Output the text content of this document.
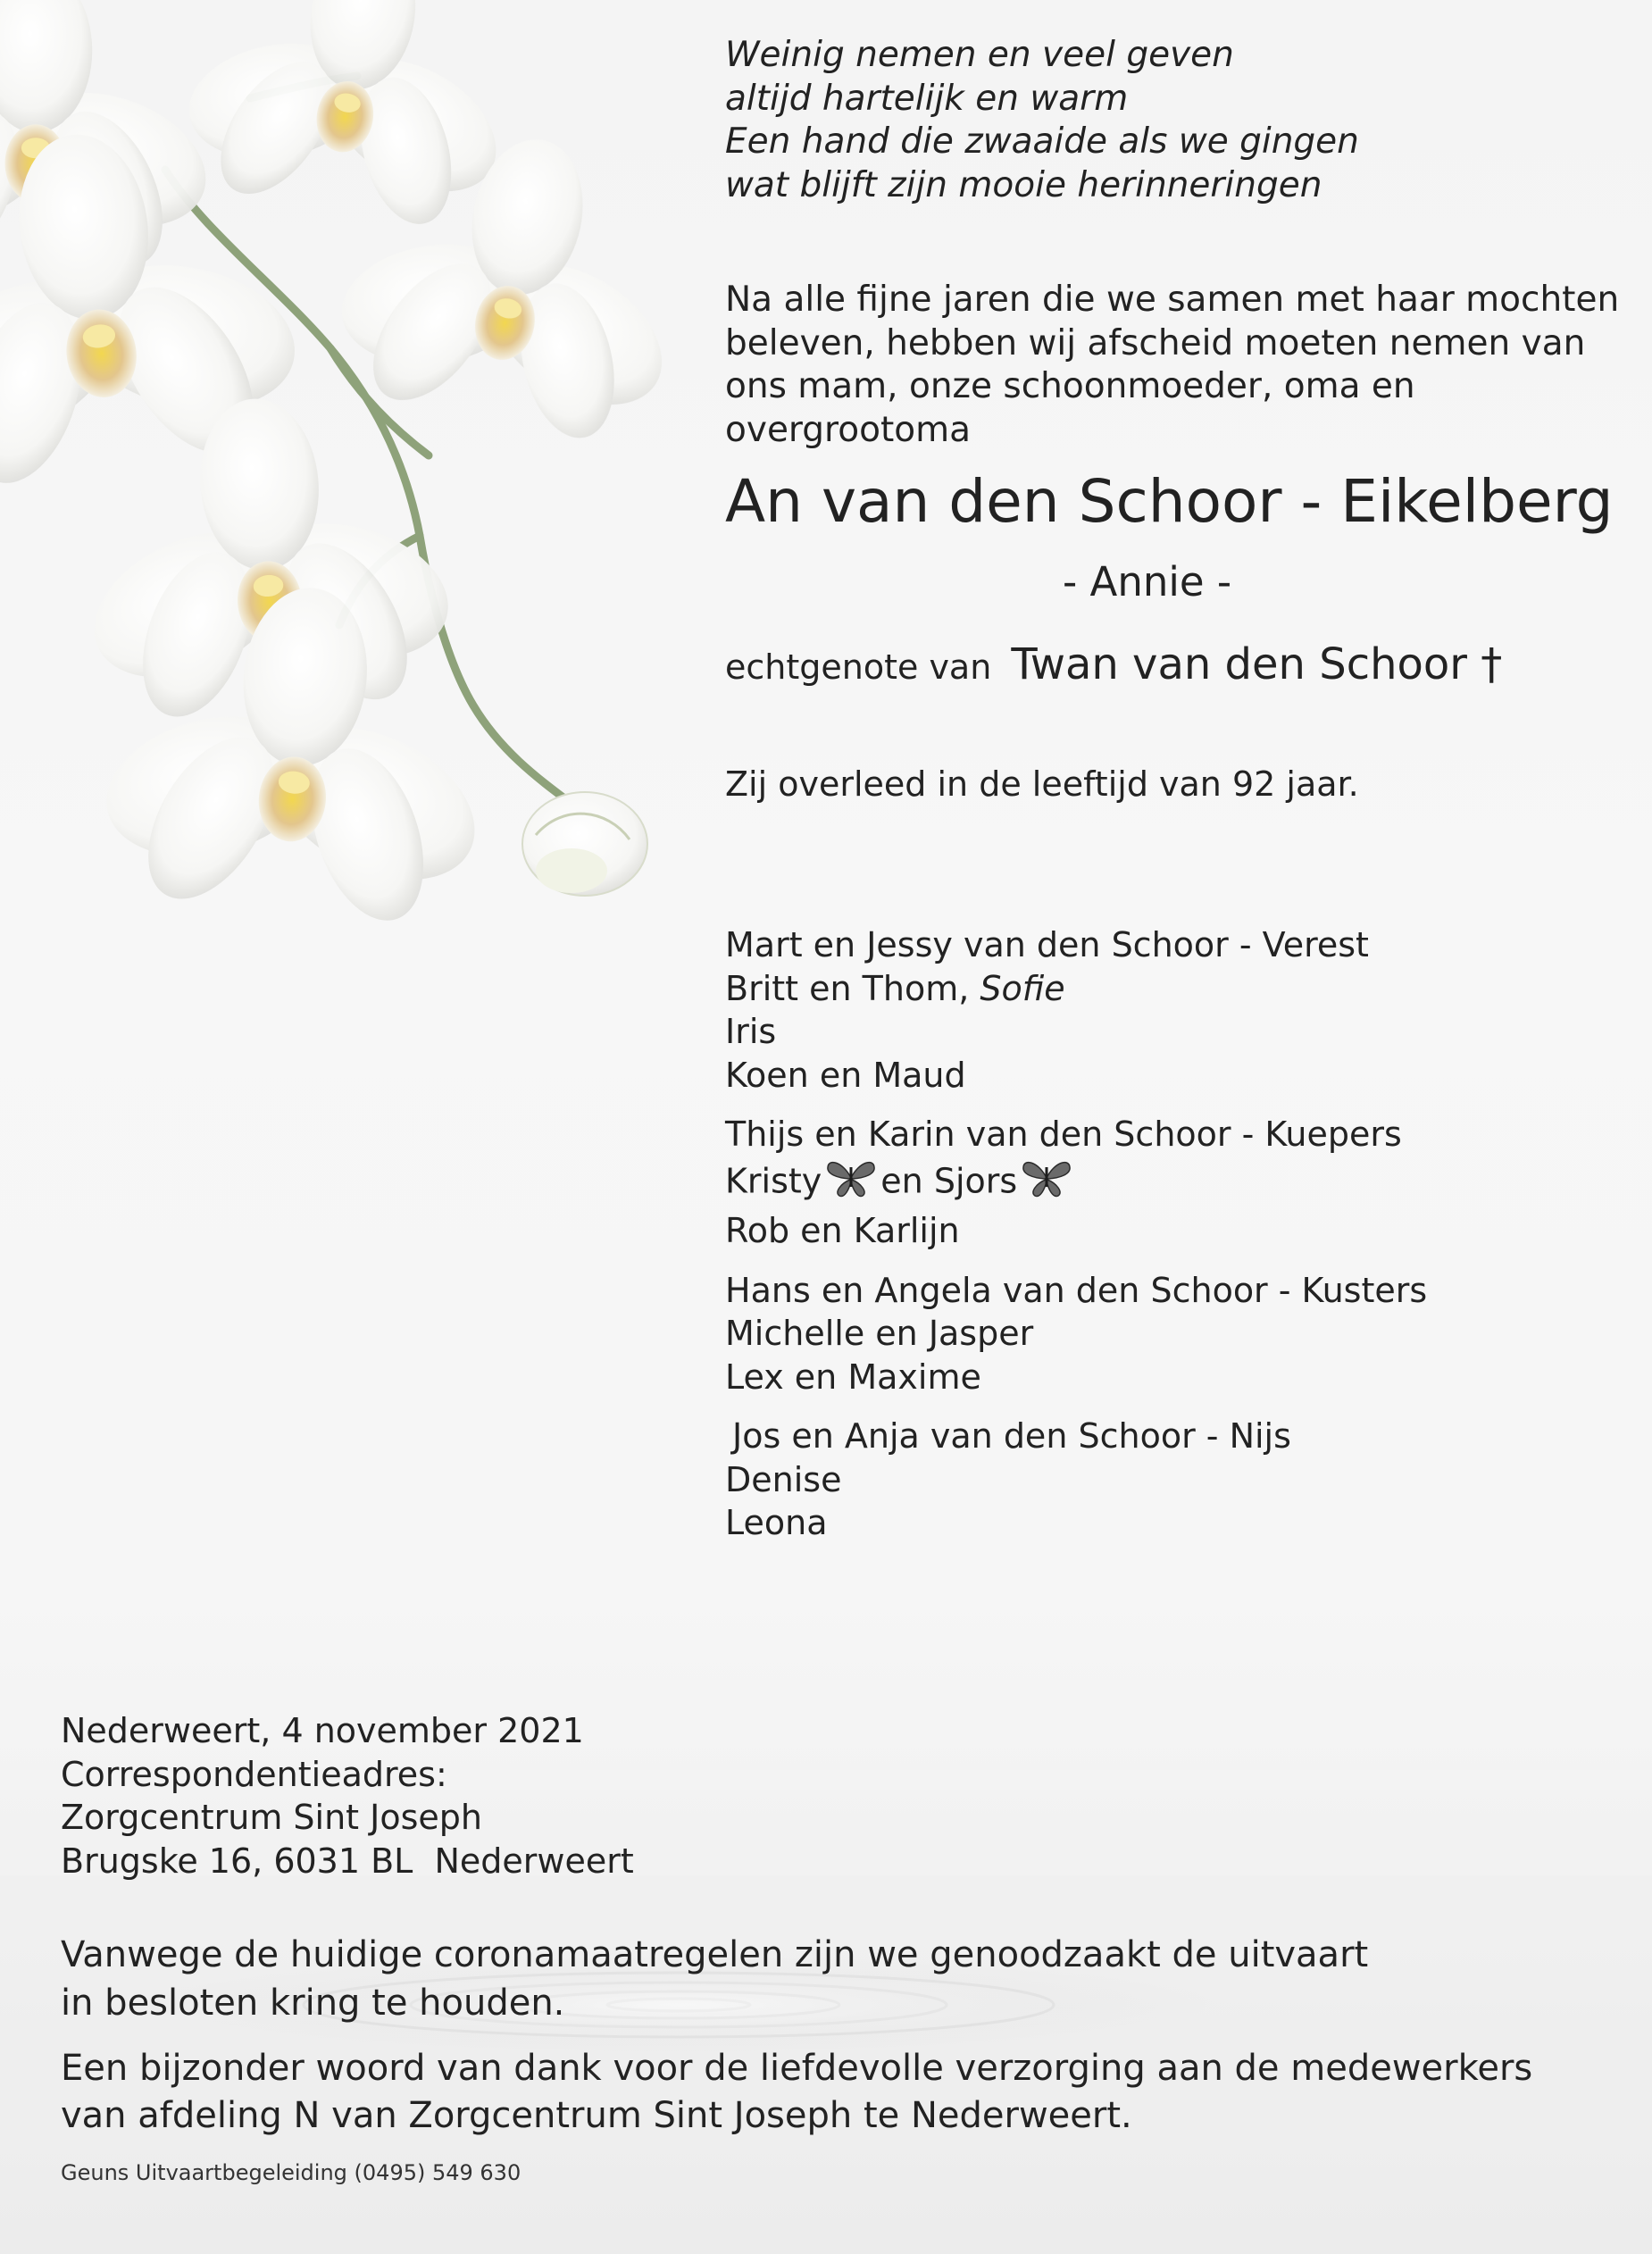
Weinig nemen en veel geven
altijd hartelijk en warm
Een hand die zwaaide als we gingen
wat blijft zijn mooie herinneringen
Na alle fijne jaren die we samen met haar mochten
beleven, hebben wij afscheid moeten nemen van
ons mam, onze schoonmoeder, oma en overgrootoma
An van den Schoor - Eikelberg
- Annie -
echtgenote van Twan van den Schoor †
Zij overleed in de leeftijd van 92 jaar.
Mart en Jessy van den Schoor - Verest
Britt en Thom, Sofie
Iris
Koen en Maud
Thijs en Karin van den Schoor - Kuepers
Kristy en Sjors
Rob en Karlijn
Hans en Angela van den Schoor - Kusters
Michelle en Jasper
Lex en Maxime
Jos en Anja van den Schoor - Nijs
Denise
Leona
Nederweert, 4 november 2021
Correspondentieadres:
Zorgcentrum Sint Joseph
Brugske 16, 6031 BL  Nederweert
Vanwege de huidige coronamaatregelen zijn we genoodzaakt de uitvaart in besloten kring te houden.
Een bijzonder woord van dank voor de liefdevolle verzorging aan de medewerkers van afdeling N van Zorgcentrum Sint Joseph te Nederweert.
Geuns Uitvaartbegeleiding (0495) 549 630
